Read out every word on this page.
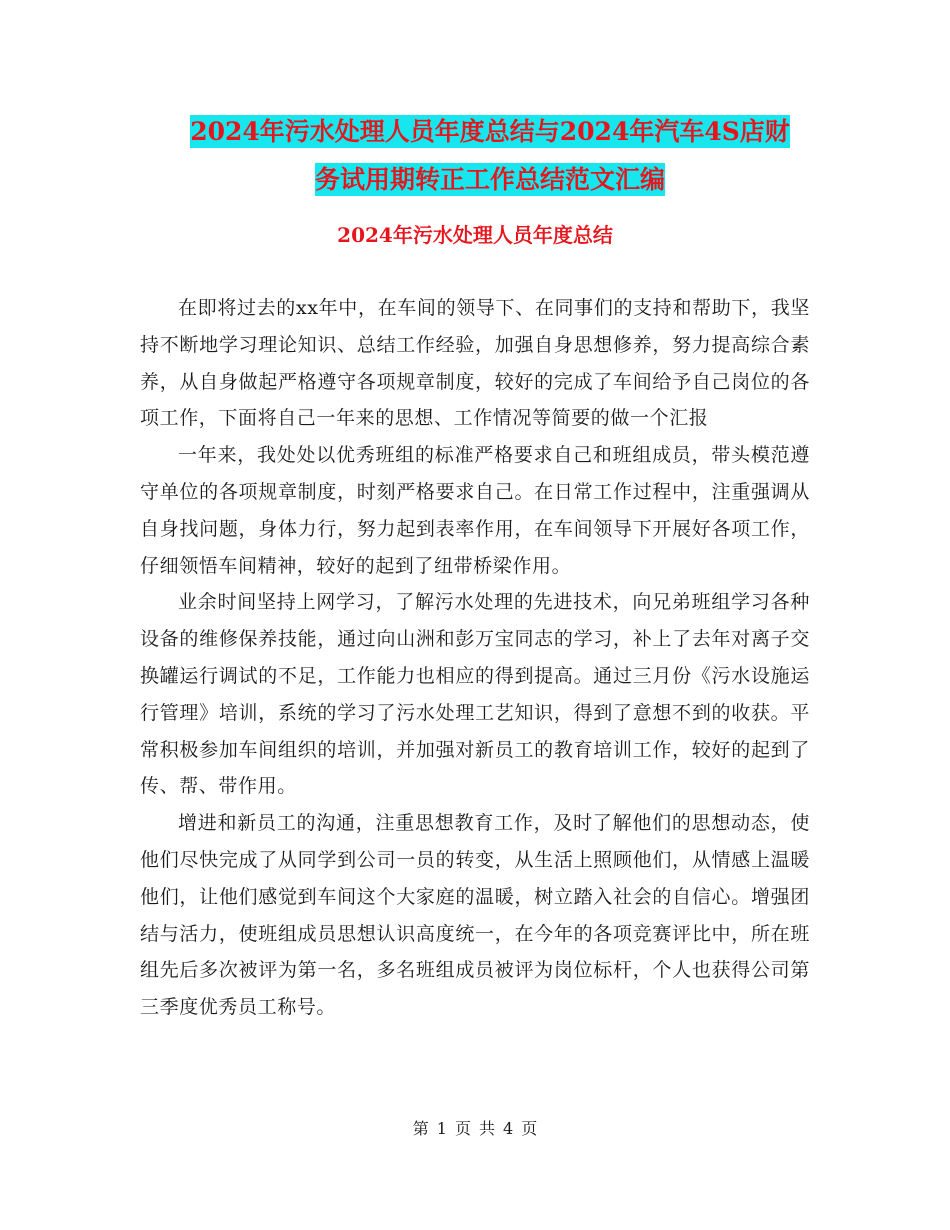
2024年污水处理人员年度总结与2024年汽车4S店财
务试用期转正工作总结范文汇编
2024年污水处理人员年度总结

在即将过去的xx年中，在车间的领导下、在同事们的支持和帮助下，我坚持不断地学习理论知识、总结工作经验，加强自身思想修养，努力提高综合素养，从自身做起严格遵守各项规章制度，较好的完成了车间给予自己岗位的各项工作，下面将自己一年来的思想、工作情况等简要的做一个汇报

一年来，我处处以优秀班组的标准严格要求自己和班组成员，带头模范遵守单位的各项规章制度，时刻严格要求自己。在日常工作过程中，注重强调从自身找问题，身体力行，努力起到表率作用，在车间领导下开展好各项工作，仔细领悟车间精神，较好的起到了纽带桥梁作用。

业余时间坚持上网学习，了解污水处理的先进技术，向兄弟班组学习各种设备的维修保养技能，通过向山洲和彭万宝同志的学习，补上了去年对离子交换罐运行调试的不足，工作能力也相应的得到提高。通过三月份《污水设施运行管理》培训，系统的学习了污水处理工艺知识，得到了意想不到的收获。平常积极参加车间组织的培训，并加强对新员工的教育培训工作，较好的起到了传、帮、带作用。

增进和新员工的沟通，注重思想教育工作，及时了解他们的思想动态，使他们尽快完成了从同学到公司一员的转变，从生活上照顾他们，从情感上温暖他们，让他们感觉到车间这个大家庭的温暖，树立踏入社会的自信心。增强团结与活力，使班组成员思想认识高度统一，在今年的各项竞赛评比中，所在班组先后多次被评为第一名，多名班组成员被评为岗位标杆，个人也获得公司第三季度优秀员工称号。

第 1 页 共 4 页
